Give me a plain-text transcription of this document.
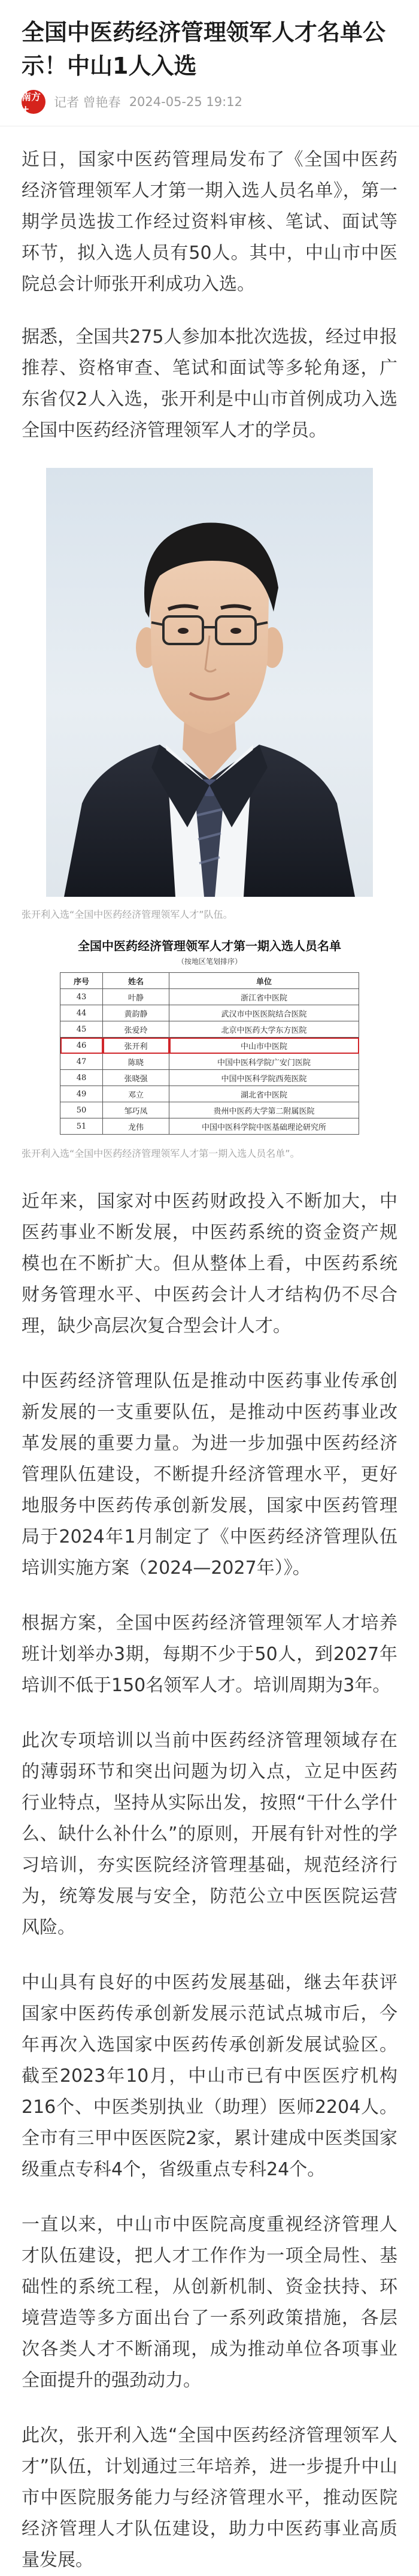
全国中医药经济管理领军人才名单公示！中山1人入选
南方+	记者 曾艳春 2024-05-25 19:12

近日，国家中医药管理局发布了《全国中医药经济管理领军人才第一期入选人员名单》，第一期学员选拔工作经过资料审核、笔试、面试等环节，拟入选人员有50人。其中，中山市中医院总会计师张开利成功入选。

据悉，全国共275人参加本批次选拔，经过申报推荐、资格审查、笔试和面试等多轮角逐，广东省仅2人入选，张开利是中山市首例成功入选全国中医药经济管理领军人才的学员。

张开利入选“全国中医药经济管理领军人才”队伍。
全国中医药经济管理领军人才第一期入选人员名单
（按地区笔划排序）
序号	姓名	单位
43	叶静	浙江省中医院
44	黄韵静	武汉市中医医院结合医院
45	张爱玲	北京中医药大学东方医院
46	张开利	中山市中医院
47	陈晓	中国中医科学院广安门医院
48	张晓强	中国中医科学院西苑医院
49	邓立	湖北省中医院
50	邹巧凤	贵州中医药大学第二附属医院
51	龙伟	中国中医科学院中医基础理论研究所
张开利入选“全国中医药经济管理领军人才第一期入选人员名单”。

近年来，国家对中医药财政投入不断加大，中医药事业不断发展，中医药系统的资金资产规模也在不断扩大。但从整体上看，中医药系统财务管理水平、中医药会计人才结构仍不尽合理，缺少高层次复合型会计人才。

中医药经济管理队伍是推动中医药事业传承创新发展的一支重要队伍，是推动中医药事业改革发展的重要力量。为进一步加强中医药经济管理队伍建设，不断提升经济管理水平，更好地服务中医药传承创新发展，国家中医药管理局于2024年1月制定了《中医药经济管理队伍培训实施方案（2024—2027年）》。

根据方案，全国中医药经济管理领军人才培养班计划举办3期，每期不少于50人，到2027年培训不低于150名领军人才。培训周期为3年。

此次专项培训以当前中医药经济管理领域存在的薄弱环节和突出问题为切入点，立足中医药行业特点，坚持从实际出发，按照“干什么学什么、缺什么补什么”的原则，开展有针对性的学习培训，夯实医院经济管理基础，规范经济行为，统筹发展与安全，防范公立中医医院运营风险。

中山具有良好的中医药发展基础，继去年获评国家中医药传承创新发展示范试点城市后，今年再次入选国家中医药传承创新发展试验区。截至2023年10月，中山市已有中医医疗机构216个、中医类别执业（助理）医师2204人。全市有三甲中医医院2家，累计建成中医类国家级重点专科4个，省级重点专科24个。

一直以来，中山市中医院高度重视经济管理人才队伍建设，把人才工作作为一项全局性、基础性的系统工程，从创新机制、资金扶持、环境营造等多方面出台了一系列政策措施，各层次各类人才不断涌现，成为推动单位各项事业全面提升的强劲动力。

此次，张开利入选“全国中医药经济管理领军人才”队伍，计划通过三年培养，进一步提升中山市中医院服务能力与经济管理水平，推动医院经济管理人才队伍建设，助力中医药事业高质量发展。
